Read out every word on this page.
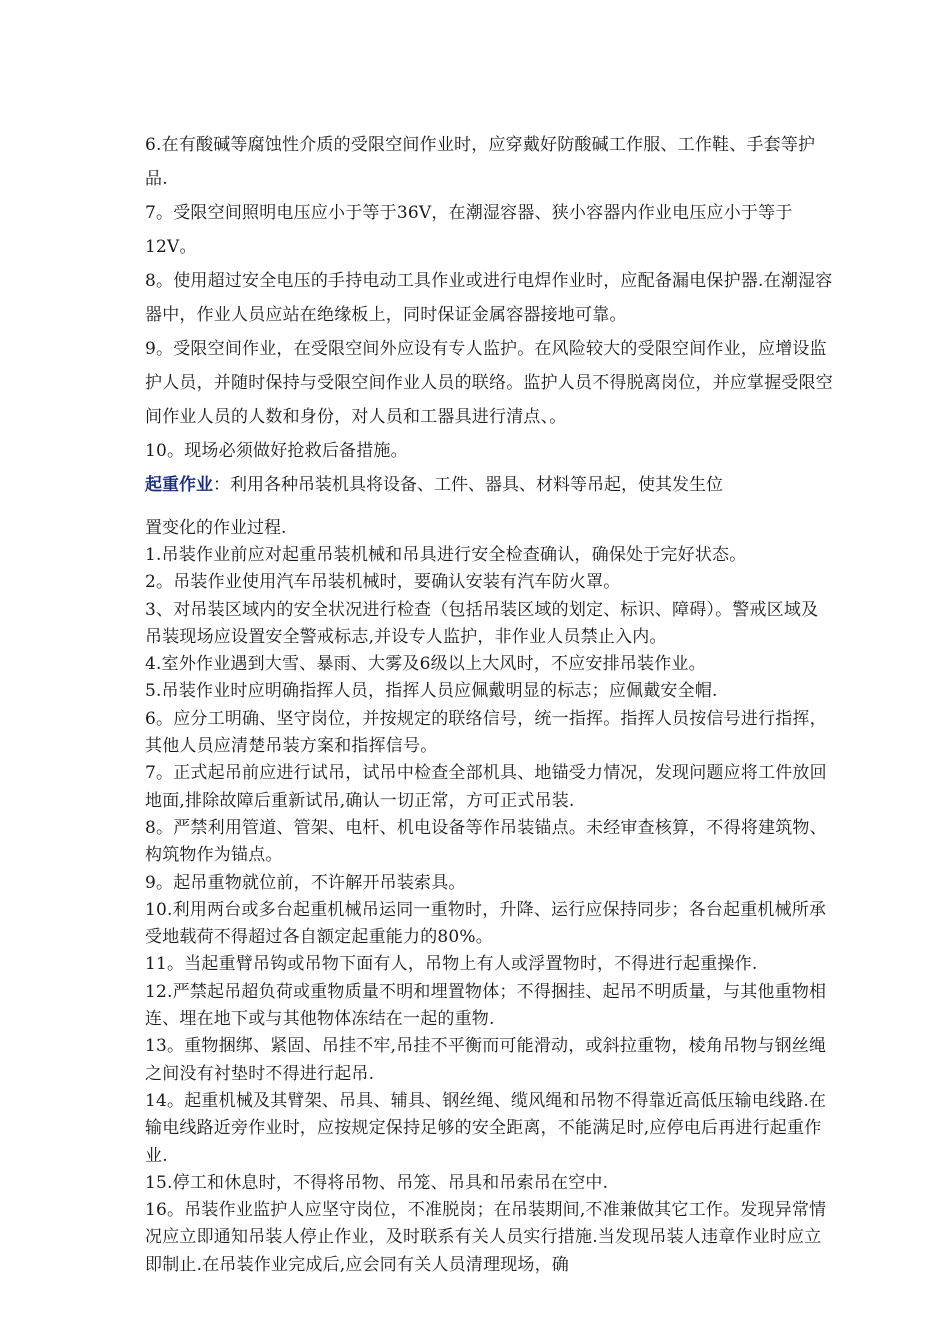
6.在有酸碱等腐蚀性介质的受限空间作业时，应穿戴好防酸碱工作服、工作鞋、手套等护品.

7。受限空间照明电压应小于等于36V，在潮湿容器、狭小容器内作业电压应小于等于12V。

8。使用超过安全电压的手持电动工具作业或进行电焊作业时，应配备漏电保护器.在潮湿容器中，作业人员应站在绝缘板上，同时保证金属容器接地可靠。

9。受限空间作业，在受限空间外应设有专人监护。在风险较大的受限空间作业，应增设监护人员，并随时保持与受限空间作业人员的联络。监护人员不得脱离岗位，并应掌握受限空间作业人员的人数和身份，对人员和工器具进行清点、。

10。现场必须做好抢救后备措施。

起重作业：利用各种吊装机具将设备、工件、器具、材料等吊起，使其发生位

置变化的作业过程.

1.吊装作业前应对起重吊装机械和吊具进行安全检查确认，确保处于完好状态。

2。吊装作业使用汽车吊装机械时，要确认安装有汽车防火罩。

3、对吊装区域内的安全状况进行检查（包括吊装区域的划定、标识、障碍）。警戒区域及吊装现场应设置安全警戒标志,并设专人监护，非作业人员禁止入内。

4.室外作业遇到大雪、暴雨、大雾及6级以上大风时，不应安排吊装作业。

5.吊装作业时应明确指挥人员，指挥人员应佩戴明显的标志；应佩戴安全帽.

6。应分工明确、坚守岗位，并按规定的联络信号，统一指挥。指挥人员按信号进行指挥，其他人员应清楚吊装方案和指挥信号。

7。正式起吊前应进行试吊，试吊中检查全部机具、地锚受力情况，发现问题应将工件放回地面,排除故障后重新试吊,确认一切正常，方可正式吊装.

8。严禁利用管道、管架、电杆、机电设备等作吊装锚点。未经审查核算，不得将建筑物、构筑物作为锚点。

9。起吊重物就位前，不许解开吊装索具。

10.利用两台或多台起重机械吊运同一重物时，升降、运行应保持同步；各台起重机械所承受地载荷不得超过各自额定起重能力的80%。

11。当起重臂吊钩或吊物下面有人，吊物上有人或浮置物时，不得进行起重操作.

12.严禁起吊超负荷或重物质量不明和埋置物体；不得捆挂、起吊不明质量，与其他重物相连、埋在地下或与其他物体冻结在一起的重物.

13。重物捆绑、紧固、吊挂不牢,吊挂不平衡而可能滑动，或斜拉重物，棱角吊物与钢丝绳之间没有衬垫时不得进行起吊.

14。起重机械及其臂架、吊具、辅具、钢丝绳、缆风绳和吊物不得靠近高低压输电线路.在输电线路近旁作业时，应按规定保持足够的安全距离，不能满足时,应停电后再进行起重作业.

15.停工和休息时，不得将吊物、吊笼、吊具和吊索吊在空中.

16。吊装作业监护人应坚守岗位，不准脱岗；在吊装期间,不准兼做其它工作。发现异常情况应立即通知吊装人停止作业，及时联系有关人员实行措施.当发现吊装人违章作业时应立即制止.在吊装作业完成后,应会同有关人员清理现场，确
